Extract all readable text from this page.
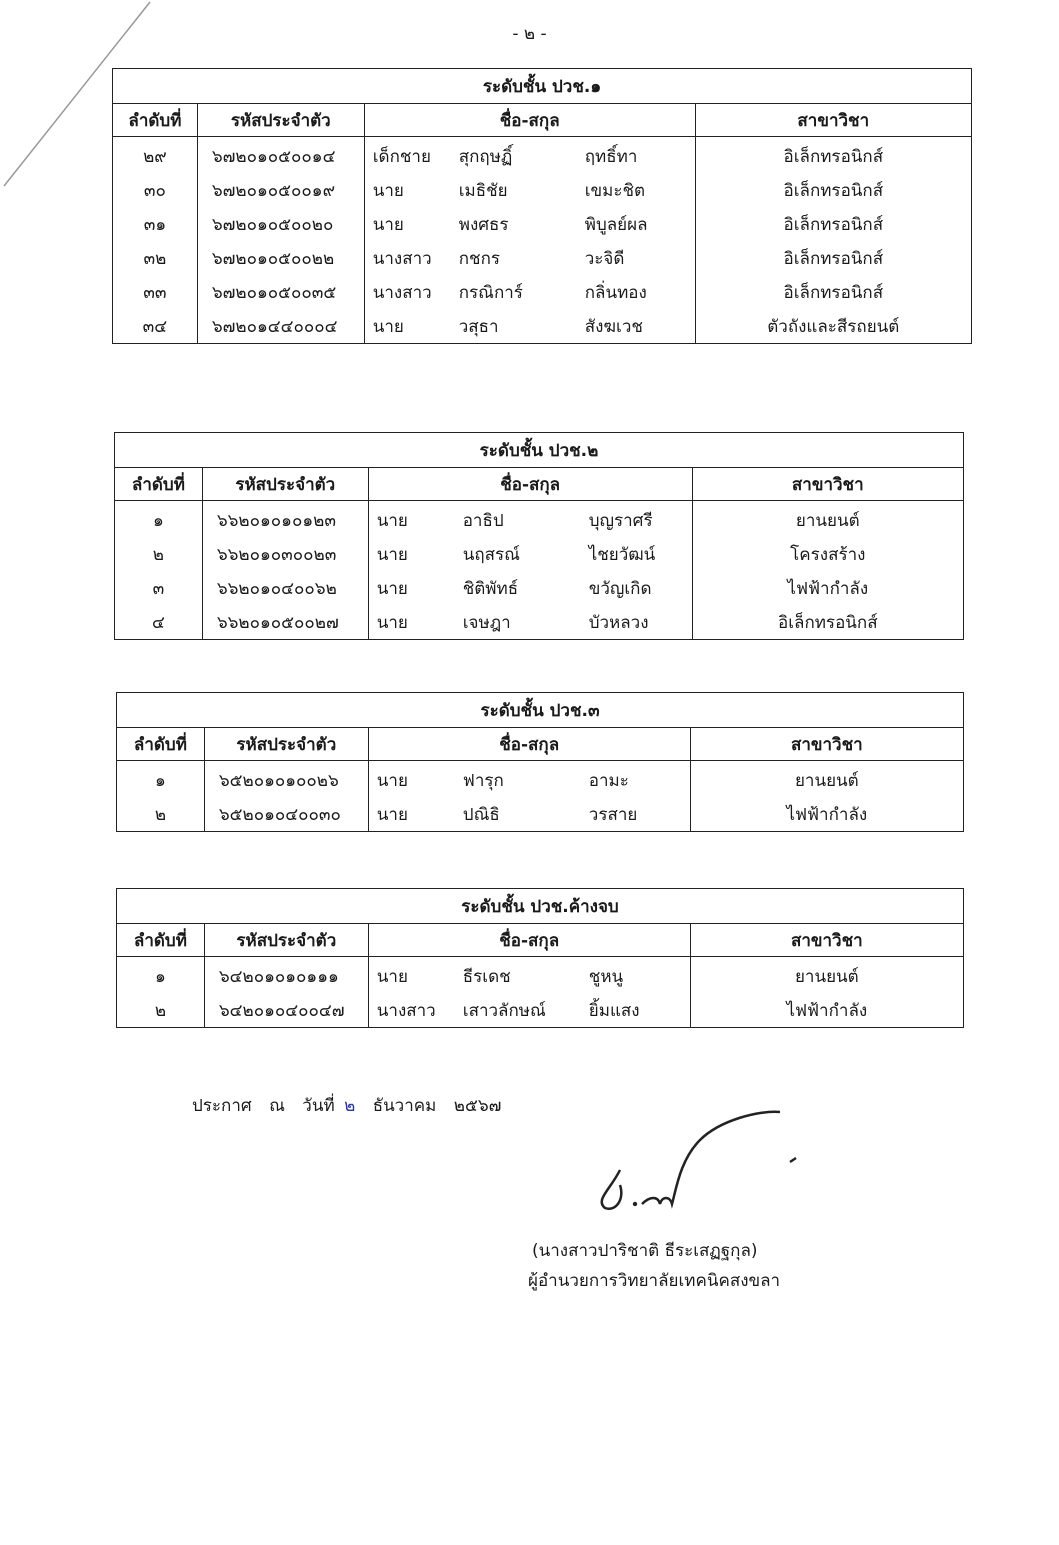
- ๒ -
ระดับชั้น ปวช.๑			
ลำดับที่	รหัสประจำตัว	ชื่อ-สกุล	สาขาวิชา
๒๙	๖๗๒๐๑๐๕๐๐๑๔	เด็กชาย สุกฤษฏิ์ ฤทธิ์ทา	อิเล็กทรอนิกส์
๓๐	๖๗๒๐๑๐๕๐๐๑๙	นาย เมธิชัย เขมะชิต	อิเล็กทรอนิกส์
๓๑	๖๗๒๐๑๐๕๐๐๒๐	นาย พงศธร พิบูลย์ผล	อิเล็กทรอนิกส์
๓๒	๖๗๒๐๑๐๕๐๐๒๒	นางสาว กชกร วะจิดี	อิเล็กทรอนิกส์
๓๓	๖๗๒๐๑๐๕๐๐๓๕	นางสาว กรณิการ์ กลิ่นทอง	อิเล็กทรอนิกส์
๓๔	๖๗๒๐๑๔๔๐๐๐๔	นาย วสุธา สังฆเวช	ตัวถังและสีรถยนต์
ระดับชั้น ปวช.๒			
ลำดับที่	รหัสประจำตัว	ชื่อ-สกุล	สาขาวิชา
๑	๖๖๒๐๑๐๑๐๑๒๓	นาย อาธิป บุญราศรี	ยานยนต์
๒	๖๖๒๐๑๐๓๐๐๒๓	นาย นฤสรณ์ ไชยวัฒน์	โครงสร้าง
๓	๖๖๒๐๑๐๔๐๐๖๒	นาย ชิติพัทธ์ ขวัญเกิด	ไฟฟ้ากำลัง
๔	๖๖๒๐๑๐๕๐๐๒๗	นาย เจษฎา บัวหลวง	อิเล็กทรอนิกส์
ระดับชั้น ปวช.๓			
ลำดับที่	รหัสประจำตัว	ชื่อ-สกุล	สาขาวิชา
๑	๖๕๒๐๑๐๑๐๐๒๖	นาย ฟารุก อามะ	ยานยนต์
๒	๖๕๒๐๑๐๔๐๐๓๐	นาย ปณิธิ วรสาย	ไฟฟ้ากำลัง
ระดับชั้น ปวช.ค้างจบ			
ลำดับที่	รหัสประจำตัว	ชื่อ-สกุล	สาขาวิชา
๑	๖๔๒๐๑๐๑๐๑๑๑	นาย ธีรเดช ชูหนู	ยานยนต์
๒	๖๔๒๐๑๐๔๐๐๔๗	นางสาว เสาวลักษณ์ ยิ้มแสง	ไฟฟ้ากำลัง
ประกาศ ณ วันที่ ๒ ธันวาคม ๒๕๖๗
(นางสาวปาริชาติ ธีระเสฏฐกุล)
ผู้อำนวยการวิทยาลัยเทคนิคสงขลา
